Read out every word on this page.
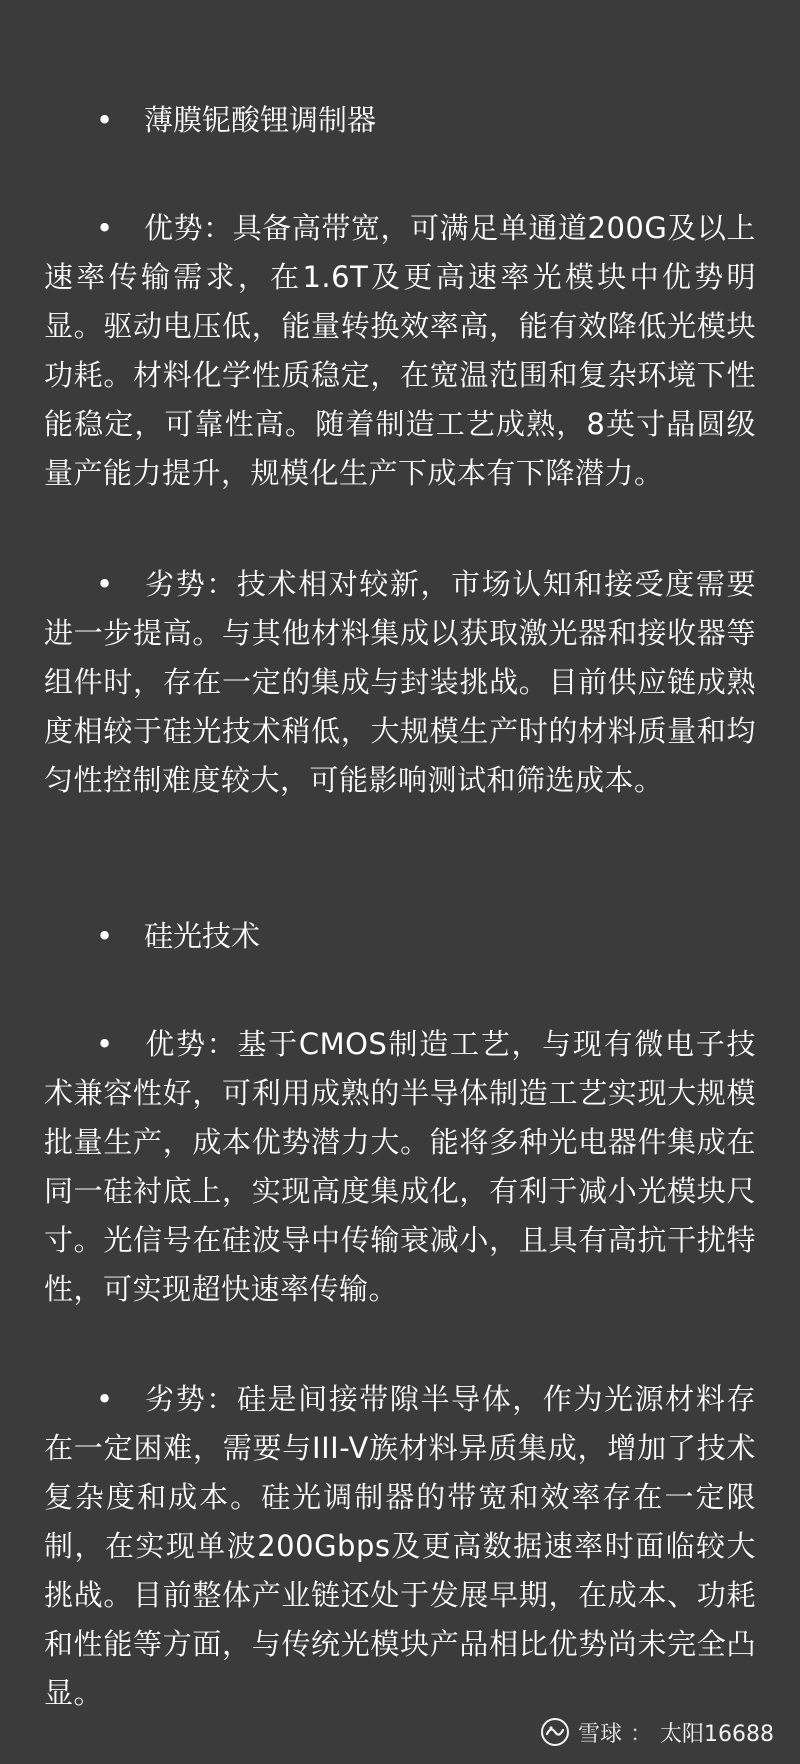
• 薄膜铌酸锂调制器

• 优势：具备高带宽，可满足单通道200G及以上速率传输需求，在1.6T及更高速率光模块中优势明显。驱动电压低，能量转换效率高，能有效降低光模块功耗。材料化学性质稳定，在宽温范围和复杂环境下性能稳定，可靠性高。随着制造工艺成熟，8英寸晶圆级量产能力提升，规模化生产下成本有下降潜力。

• 劣势：技术相对较新，市场认知和接受度需要进一步提高。与其他材料集成以获取激光器和接收器等组件时，存在一定的集成与封装挑战。目前供应链成熟度相较于硅光技术稍低，大规模生产时的材料质量和均匀性控制难度较大，可能影响测试和筛选成本。

• 硅光技术

• 优势：基于CMOS制造工艺，与现有微电子技术兼容性好，可利用成熟的半导体制造工艺实现大规模批量生产，成本优势潜力大。能将多种光电器件集成在同一硅衬底上，实现高度集成化，有利于减小光模块尺寸。光信号在硅波导中传输衰减小，且具有高抗干扰特性，可实现超快速率传输。

• 劣势：硅是间接带隙半导体，作为光源材料存在一定困难，需要与III-V族材料异质集成，增加了技术复杂度和成本。硅光调制器的带宽和效率存在一定限制，在实现单波200Gbps及更高数据速率时面临较大挑战。目前整体产业链还处于发展早期，在成本、功耗和性能等方面，与传统光模块产品相比优势尚未完全凸显。

雪球 ： 太阳16688
